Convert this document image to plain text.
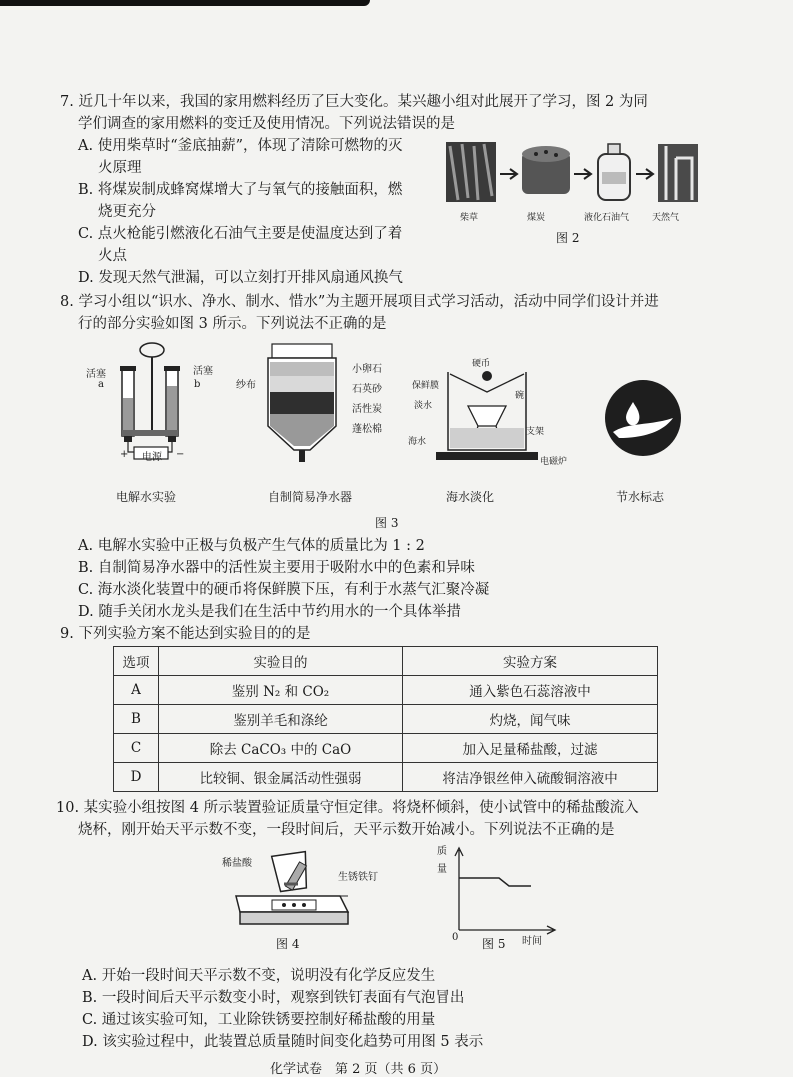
7. 近几十年以来，我国的家用燃料经历了巨大变化。某兴趣小组对此展开了学习，图 2 为同
学们调查的家用燃料的变迁及使用情况。下列说法错误的是
A. 使用柴草时“釜底抽薪”，体现了清除可燃物的灭
火原理
B. 将煤炭制成蜂窝煤增大了与氧气的接触面积，燃
烧更充分
C. 点火枪能引燃液化石油气主要是使温度达到了着
火点
D. 发现天然气泄漏，可以立刻打开排风扇通风换气
柴草	煤炭	液化石油气	天然气
图 2
8. 学习小组以“识水、净水、制水、惜水”为主题开展项目式学习活动，活动中同学们设计并进
行的部分实验如图 3 所示。下列说法不正确的是
活塞	活塞
a	b
+ 电源 −
电解水实验
纱布
小卵石
石英砂
活性炭
蓬松棉
自制简易净水器
硬币
保鲜膜
淡水
碗
支架
海水
电磁炉
海水淡化	节水标志
图 3
A. 电解水实验中正极与负极产生气体的质量比为 1 : 2
B. 自制简易净水器中的活性炭主要用于吸附水中的色素和异味
C. 海水淡化装置中的硬币将保鲜膜下压，有利于水蒸气汇聚冷凝
D. 随手关闭水龙头是我们在生活中节约用水的一个具体举措
9. 下列实验方案不能达到实验目的的是
选项	实验目的	实验方案
A	鉴别 N₂ 和 CO₂	通入紫色石蕊溶液中
B	鉴别羊毛和涤纶	灼烧，闻气味
C	除去 CaCO₃ 中的 CaO	加入足量稀盐酸，过滤
D	比较铜、银金属活动性强弱	将洁净银丝伸入硫酸铜溶液中
10. 某实验小组按图 4 所示装置验证质量守恒定律。将烧杯倾斜，使小试管中的稀盐酸流入
烧杯，刚开始天平示数不变，一段时间后，天平示数开始减小。下列说法不正确的是
稀盐酸
生锈铁钉
图 4
质
量
0	时间
图 5
A. 开始一段时间天平示数不变，说明没有化学反应发生
B. 一段时间后天平示数变小时，观察到铁钉表面有气泡冒出
C. 通过该实验可知，工业除铁锈要控制好稀盐酸的用量
D. 该实验过程中，此装置总质量随时间变化趋势可用图 5 表示
化学试卷　第 2 页（共 6 页）
